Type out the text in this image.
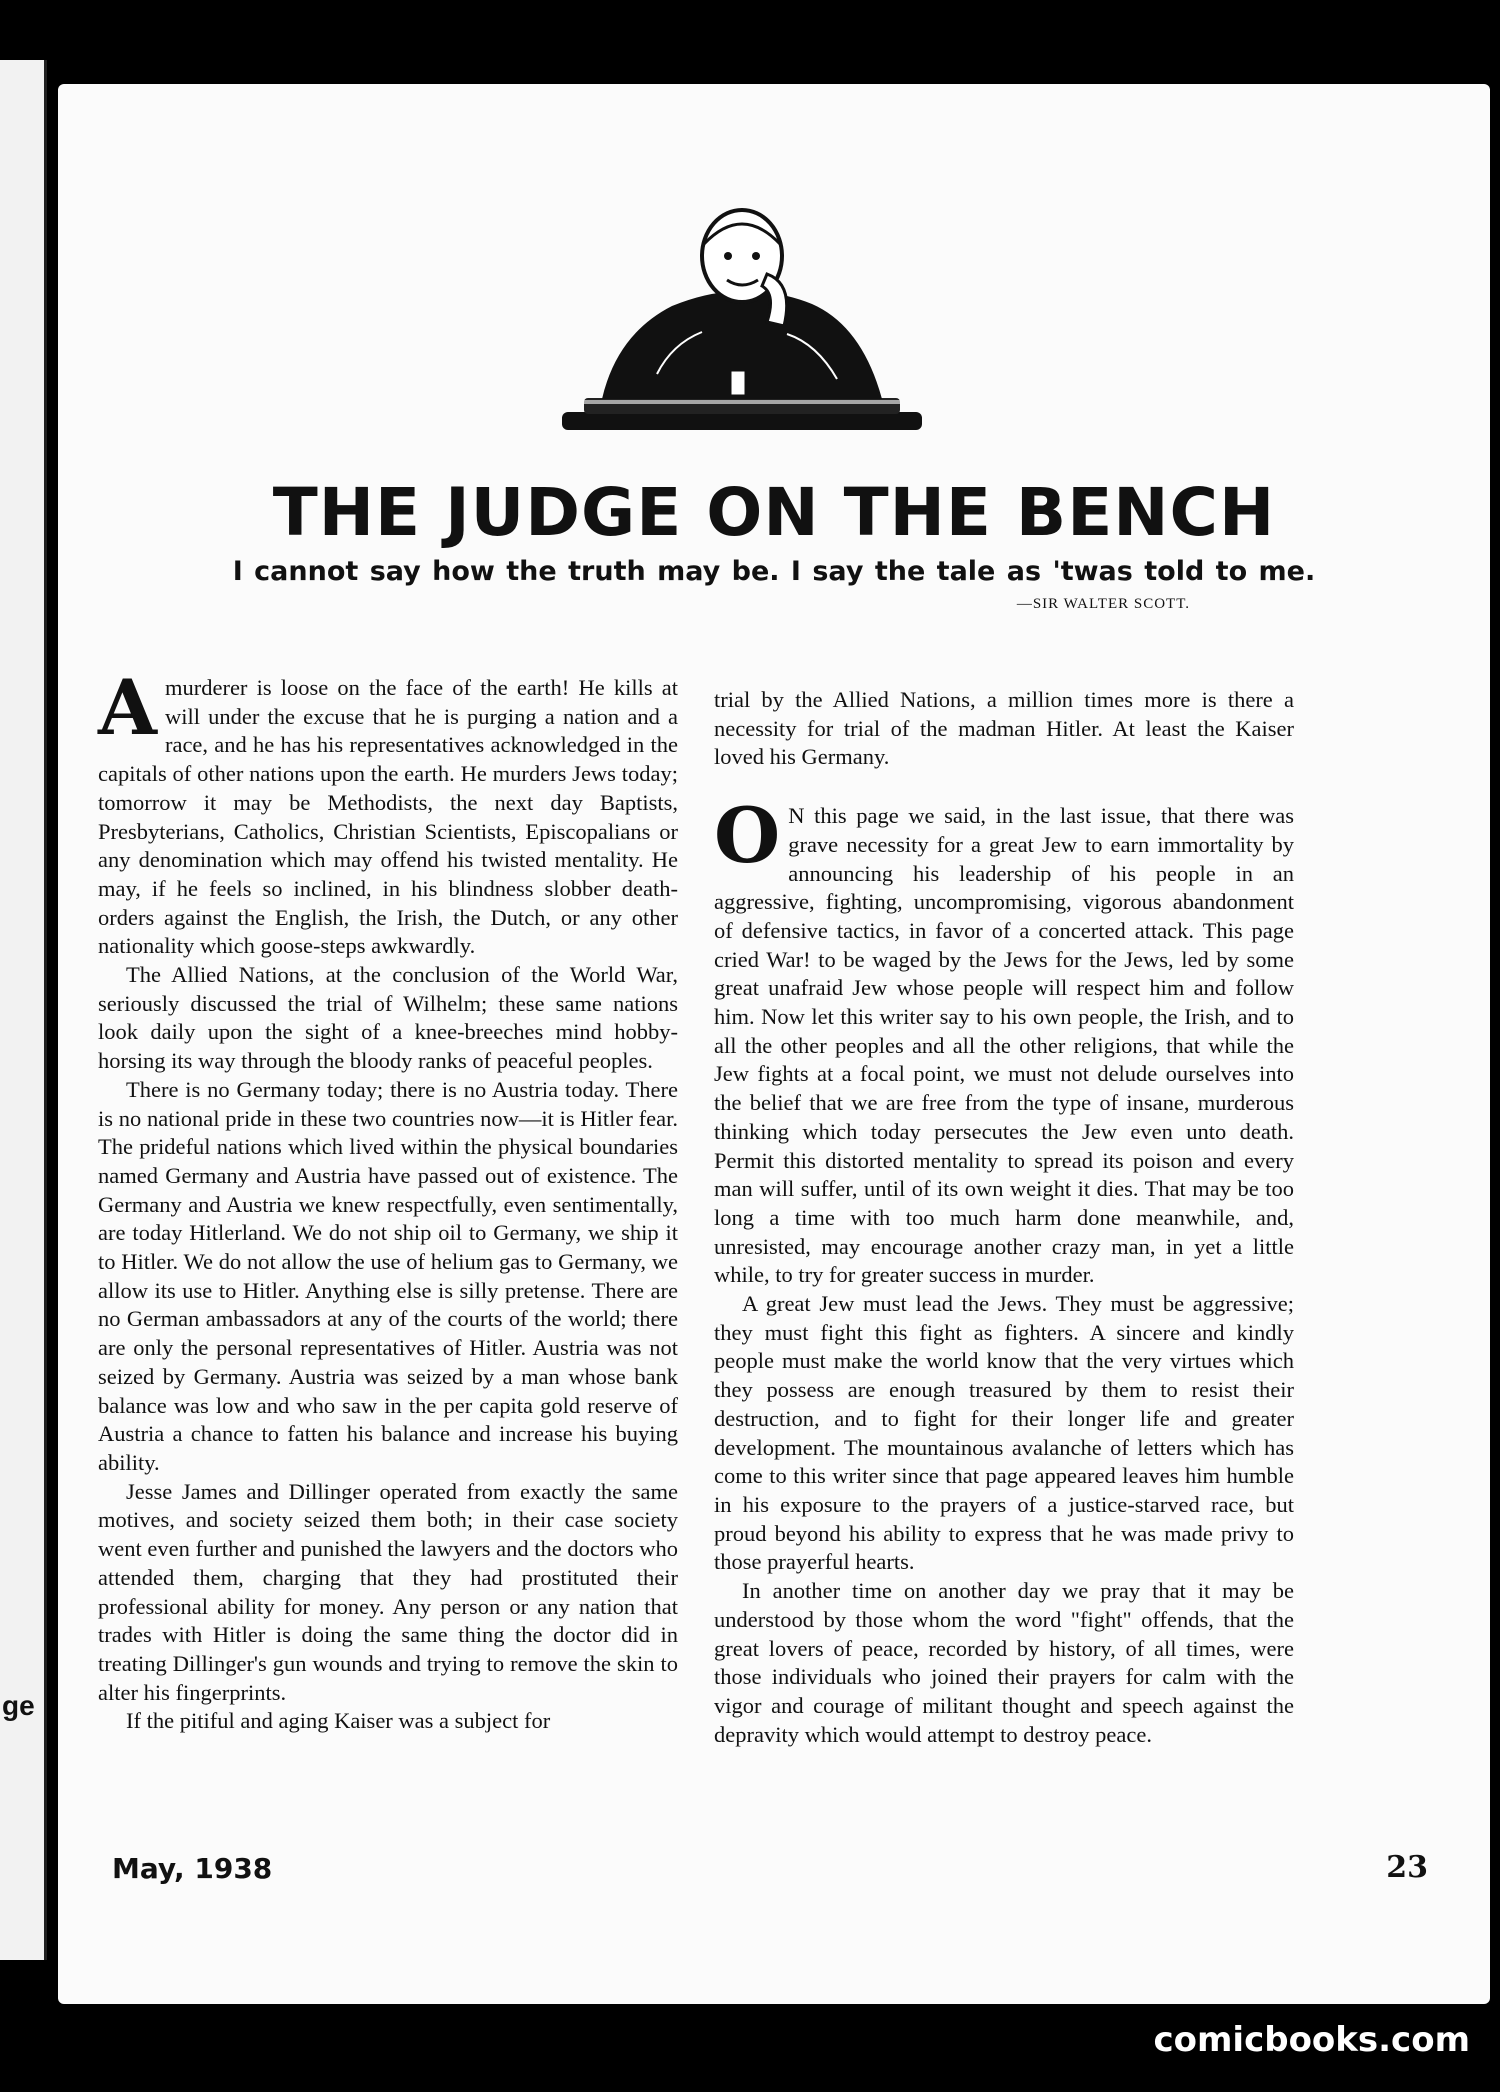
ge
THE JUDGE ON THE BENCH
I cannot say how the truth may be. I say the tale as 'twas told to me.
—SIR WALTER SCOTT.

Amurderer is loose on the face of the earth! He kills at will under the excuse that he is purging a nation and a race, and he has his representatives acknowledged in the capitals of other nations upon the earth. He murders Jews today; tomorrow it may be Methodists, the next day Baptists, Presbyterians, Catholics, Christian Scientists, Episcopalians or any denomination which may offend his twisted mentality. He may, if he feels so inclined, in his blindness slobber death-orders against the English, the Irish, the Dutch, or any other nationality which goose-steps awkwardly.

The Allied Nations, at the conclusion of the World War, seriously discussed the trial of Wilhelm; these same nations look daily upon the sight of a knee-breeches mind hobby-horsing its way through the bloody ranks of peaceful peoples.

There is no Germany today; there is no Austria today. There is no national pride in these two countries now—it is Hitler fear. The prideful nations which lived within the physical boundaries named Germany and Austria have passed out of existence. The Germany and Austria we knew respectfully, even sentimentally, are today Hitlerland. We do not ship oil to Germany, we ship it to Hitler. We do not allow the use of helium gas to Germany, we allow its use to Hitler. Anything else is silly pretense. There are no German ambassadors at any of the courts of the world; there are only the personal representatives of Hitler. Austria was not seized by Germany. Austria was seized by a man whose bank balance was low and who saw in the per capita gold reserve of Austria a chance to fatten his balance and increase his buying ability.

Jesse James and Dillinger operated from exactly the same motives, and society seized them both; in their case society went even further and punished the lawyers and the doctors who attended them, charging that they had prostituted their professional ability for money. Any person or any nation that trades with Hitler is doing the same thing the doctor did in treating Dillinger's gun wounds and trying to remove the skin to alter his fingerprints.

If the pitiful and aging Kaiser was a subject for

trial by the Allied Nations, a million times more is there a necessity for trial of the madman Hitler. At least the Kaiser loved his Germany.

O N this page we said, in the last issue, that there was grave necessity for a great Jew to earn immortality by announcing his leadership of his people in an aggressive, fighting, uncompromising, vigorous abandonment of defensive tactics, in favor of a concerted attack. This page cried War! to be waged by the Jews for the Jews, led by some great unafraid Jew whose people will respect him and follow him. Now let this writer say to his own people, the Irish, and to all the other peoples and all the other religions, that while the Jew fights at a focal point, we must not delude ourselves into the belief that we are free from the type of insane, murderous thinking which today persecutes the Jew even unto death. Permit this distorted mentality to spread its poison and every man will suffer, until of its own weight it dies. That may be too long a time with too much harm done meanwhile, and, unresisted, may encourage another crazy man, in yet a little while, to try for greater success in murder.

A great Jew must lead the Jews. They must be aggressive; they must fight this fight as fighters. A sincere and kindly people must make the world know that the very virtues which they possess are enough treasured by them to resist their destruction, and to fight for their longer life and greater development. The mountainous avalanche of letters which has come to this writer since that page appeared leaves him humble in his exposure to the prayers of a justice-starved race, but proud beyond his ability to express that he was made privy to those prayerful hearts.

In another time on another day we pray that it may be understood by those whom the word "fight" offends, that the great lovers of peace, recorded by history, of all times, were those individuals who joined their prayers for calm with the vigor and courage of militant thought and speech against the depravity which would attempt to destroy peace.

May, 1938	23
comicbooks.com
